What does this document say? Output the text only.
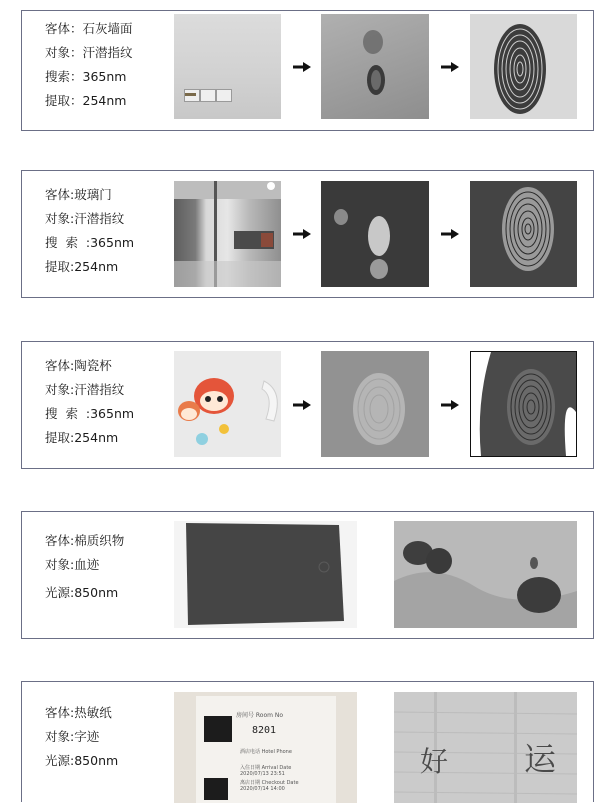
客体：石灰墙面
对象：汗潜指纹
搜索：365nm
提取：254nm
客体:玻璃门
对象:汗潜指纹
搜  索  :365nm
提取:254nm
客体:陶瓷杯
对象:汗潜指纹
搜  索  :365nm
提取:254nm
客体:棉质织物
对象:血迹
光源:850nm
客体:热敏纸
对象:字迹
光源:850nm
房间号 Room No
8201
酒店电话 Hotel Phone
入住日期 Arrival Date
2020/07/13 23:51
离店日期 Checkout Date
2020/07/14 14:00
好 运
